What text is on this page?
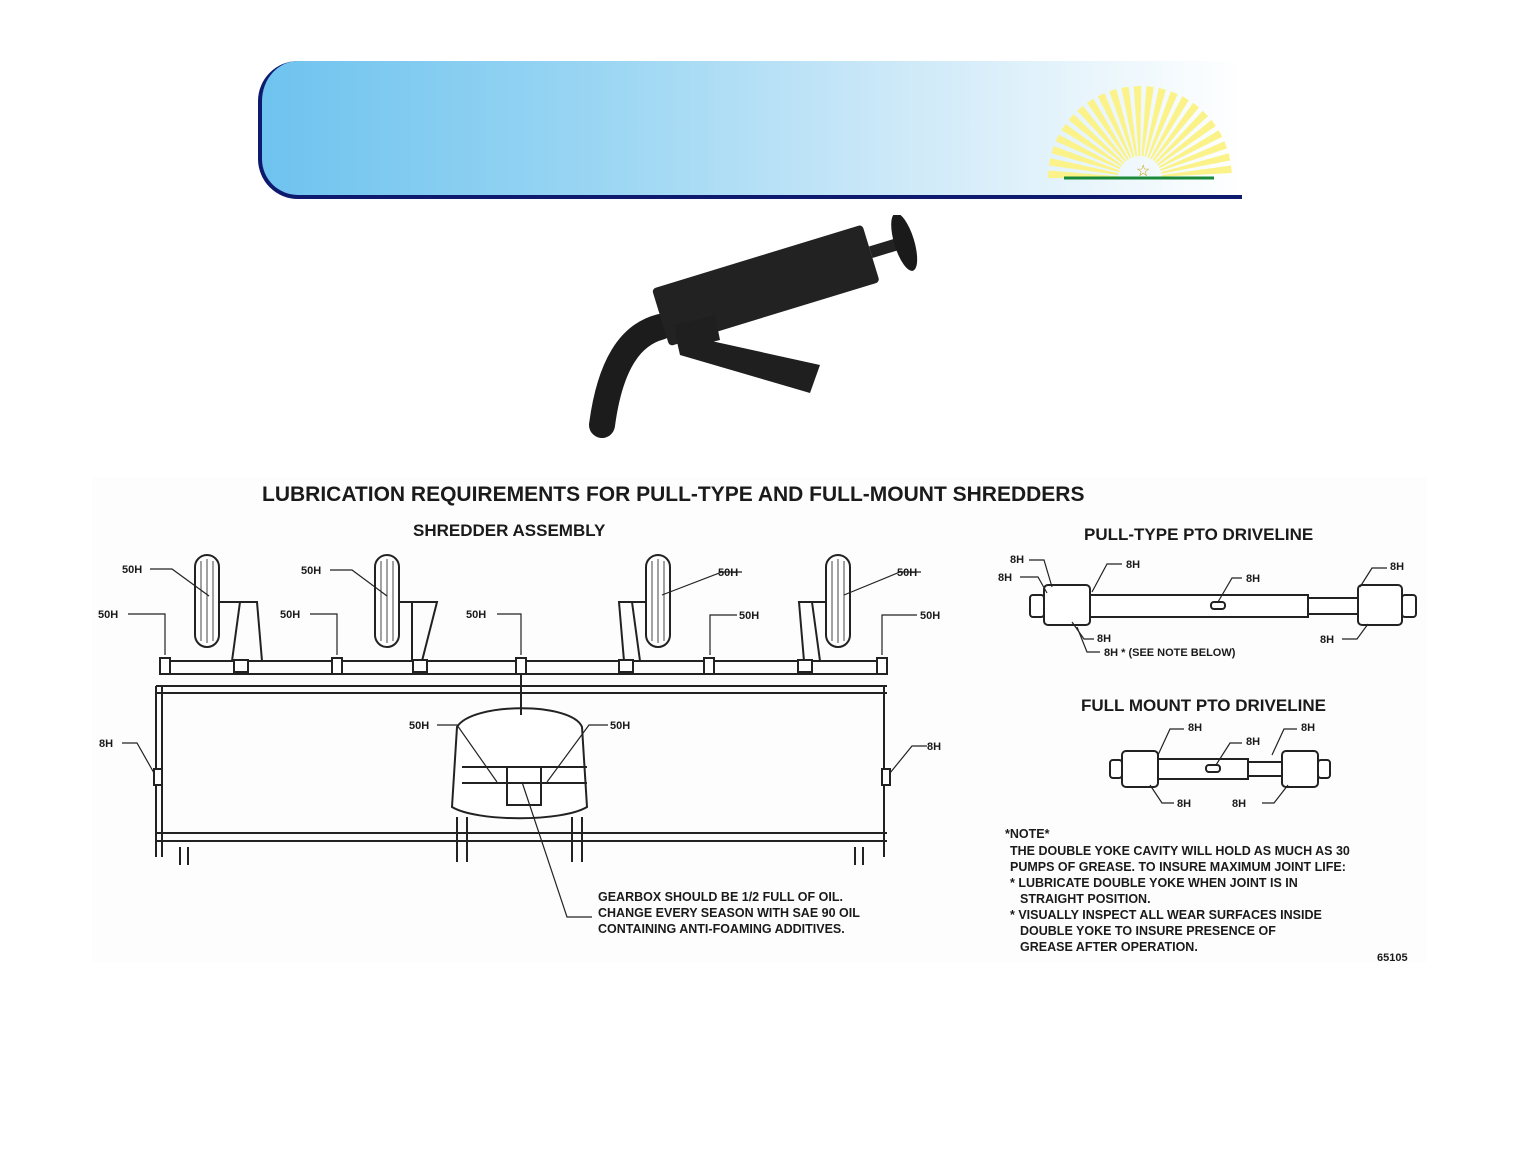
☆
LUBRICATION REQUIREMENTS FOR PULL-TYPE AND FULL-MOUNT SHREDDERS
SHREDDER ASSEMBLY	PULL-TYPE PTO DRIVELINE
FULL MOUNT PTO DRIVELINE
50H	50H	50H	50H
50H	50H	50H	50H	50H
8H	8H
50H	50H
GEARBOX SHOULD BE 1/2 FULL OF OIL.
CHANGE EVERY SEASON WITH SAE 90 OIL
CONTAINING ANTI-FOAMING ADDITIVES.
8H
8H
8H
8H
8H
8H	8H
8H * (SEE NOTE BELOW)
8H
8H
8H
8H	8H
*NOTE*
THE DOUBLE YOKE CAVITY WILL HOLD AS MUCH AS 30
PUMPS OF GREASE. TO INSURE MAXIMUM JOINT LIFE:
* LUBRICATE DOUBLE YOKE WHEN JOINT IS IN
STRAIGHT POSITION.
* VISUALLY INSPECT ALL WEAR SURFACES INSIDE
DOUBLE YOKE TO INSURE PRESENCE OF
GREASE AFTER OPERATION.
65105
